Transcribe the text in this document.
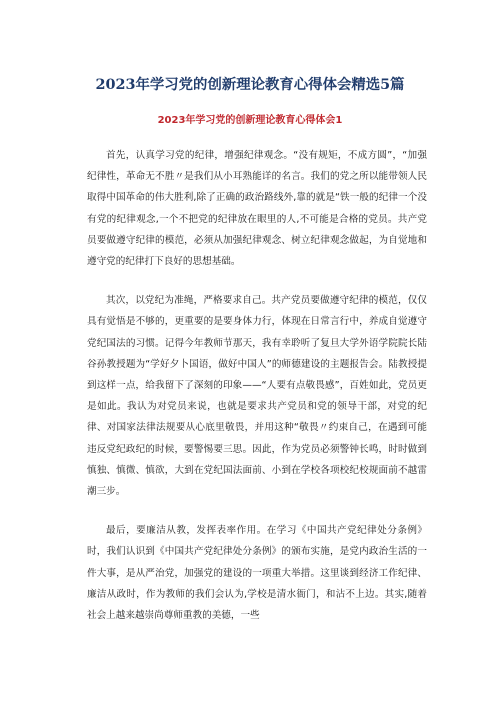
2023年学习党的创新理论教育心得体会精选5篇
2023年学习党的创新理论教育心得体会1

首先，认真学习党的纪律，增强纪律观念。“没有规矩，不成方圆”，“加强纪律性，革命无不胜〃是我们从小耳熟能详的名言。我们的党之所以能带领人民取得中国革命的伟大胜利,除了正确的政治路线外,靠的就是“铁一般的纪律一个没有党的纪律观念,一个不把党的纪律放在眼里的人,不可能是合格的党员。共产党员要做遵守纪律的模范，必须从加强纪律观念、树立纪律观念做起，为自觉地和遵守党的纪律打下良好的思想基础。

其次，以党纪为准绳，严格要求自己。共产党员要做遵守纪律的模范，仅仅具有觉悟是不够的，更重要的是要身体力行，体现在日常言行中，养成自觉遵守党纪国法的习惯。记得今年教师节那天，我有幸聆听了复旦大学外语学院院长陆谷孙教授题为“学好夕卜国语，做好中国人”的师德建设的主题报告会。陆教授提到这样一点，给我留下了深刻的印象——“人要有点敬畏感”，百姓如此，党员更是如此。我认为对党员来说，也就是要求共产党员和党的领导干部，对党的纪律、对国家法律法规要从心底里敬畏，并用这种“敬畏〃约束自己，在遇到可能违反党纪政纪的时候，要警惕要三思。因此，作为党员必须警钟长鸣，时时做到慎独、慎微、慎欲，大到在党纪国法面前、小到在学校各项校纪校规面前不越雷潮三步。

最后，要廉洁从教，发挥表率作用。在学习《中国共产党纪律处分条例》时，我们认识到《中国共产党纪律处分条例》的颁布实施，是党内政治生活的一件大事，是从严治党，加强党的建设的一项重大举措。这里谈到经济工作纪律、廉洁从政时，作为教师的我们会认为,学校是清水衙门，和沾不上边。其实,随着社会上越来越崇尚尊师重教的美德，一些
